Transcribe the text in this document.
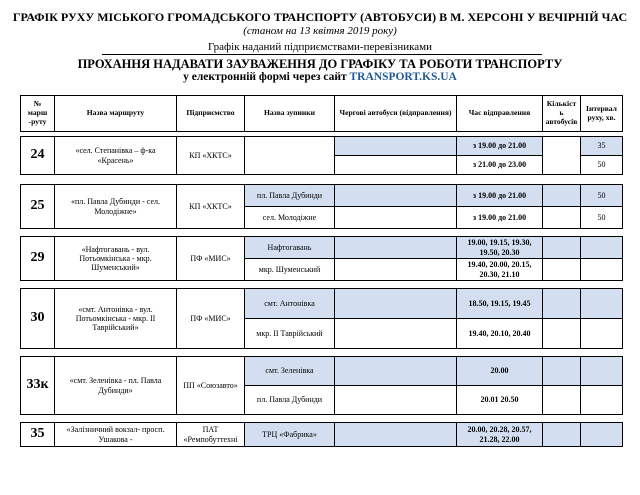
ГРАФІК РУХУ МІСЬКОГО ГРОМАДСЬКОГО ТРАНСПОРТУ (АВТОБУСИ) В М. ХЕРСОНІ У ВЕЧІРНІЙ ЧАС
(станом на 13 квітня 2019 року)
Графік наданий підприємствами-перевізниками
ПРОХАННЯ НАДАВАТИ ЗАУВАЖЕННЯ ДО ГРАФІКУ ТА РОБОТИ ТРАНСПОРТУ
у електронній формі через сайт TRANSPORT.KS.UA
№ марш -руту	Назва маршруту	Підприємство	Назва зупинки	Чергові автобуси (відправлення)	Час відправлення	Кількіст ь автобусів	Інтервал руху, хв.

24	«сел. Степанівка – ф-ка «Красень»	КП «ХКТС»			з 19.00 до 21.00		35
					з 21.00 до 23.00		50

25	«пл. Павла Дубинди - сел. Молодіжне»	КП «ХКТС»	пл. Павла Дубинди		з 19.00 до 21.00		50
			сел. Молодіжне		з 19.00 до 21.00		50

29	«Нафтогавань - вул. Потьомкінська - мкр. Шуменський»	ПФ «МИС»	Нафтогавань		19.00, 19.15, 19.30, 19.50, 20.30		
			мкр. Шуменський		19.40, 20.00, 20.15, 20.30, 21.10		

30	«смт. Антонівка - вул. Потьомкінська - мкр. ІІ Таврійський»	ПФ «МИС»	смт. Антонівка		18.50, 19.15, 19.45		
			мкр. ІІ Таврійський		19.40, 20.10, 20.40		

33к	«смт. Зеленівка - пл. Павла Дубинди»	ПП «Союзавто»	смт. Зеленівка		20.00		
			пл. Павла Дубинди		20.01 20.50		

35	«Залізничний вокзал- просп. Ушакова -	ПАТ «Ремпобуттехні	ТРЦ «Фабрика»		20.00, 20.28, 20.57, 21.28, 22.00		
